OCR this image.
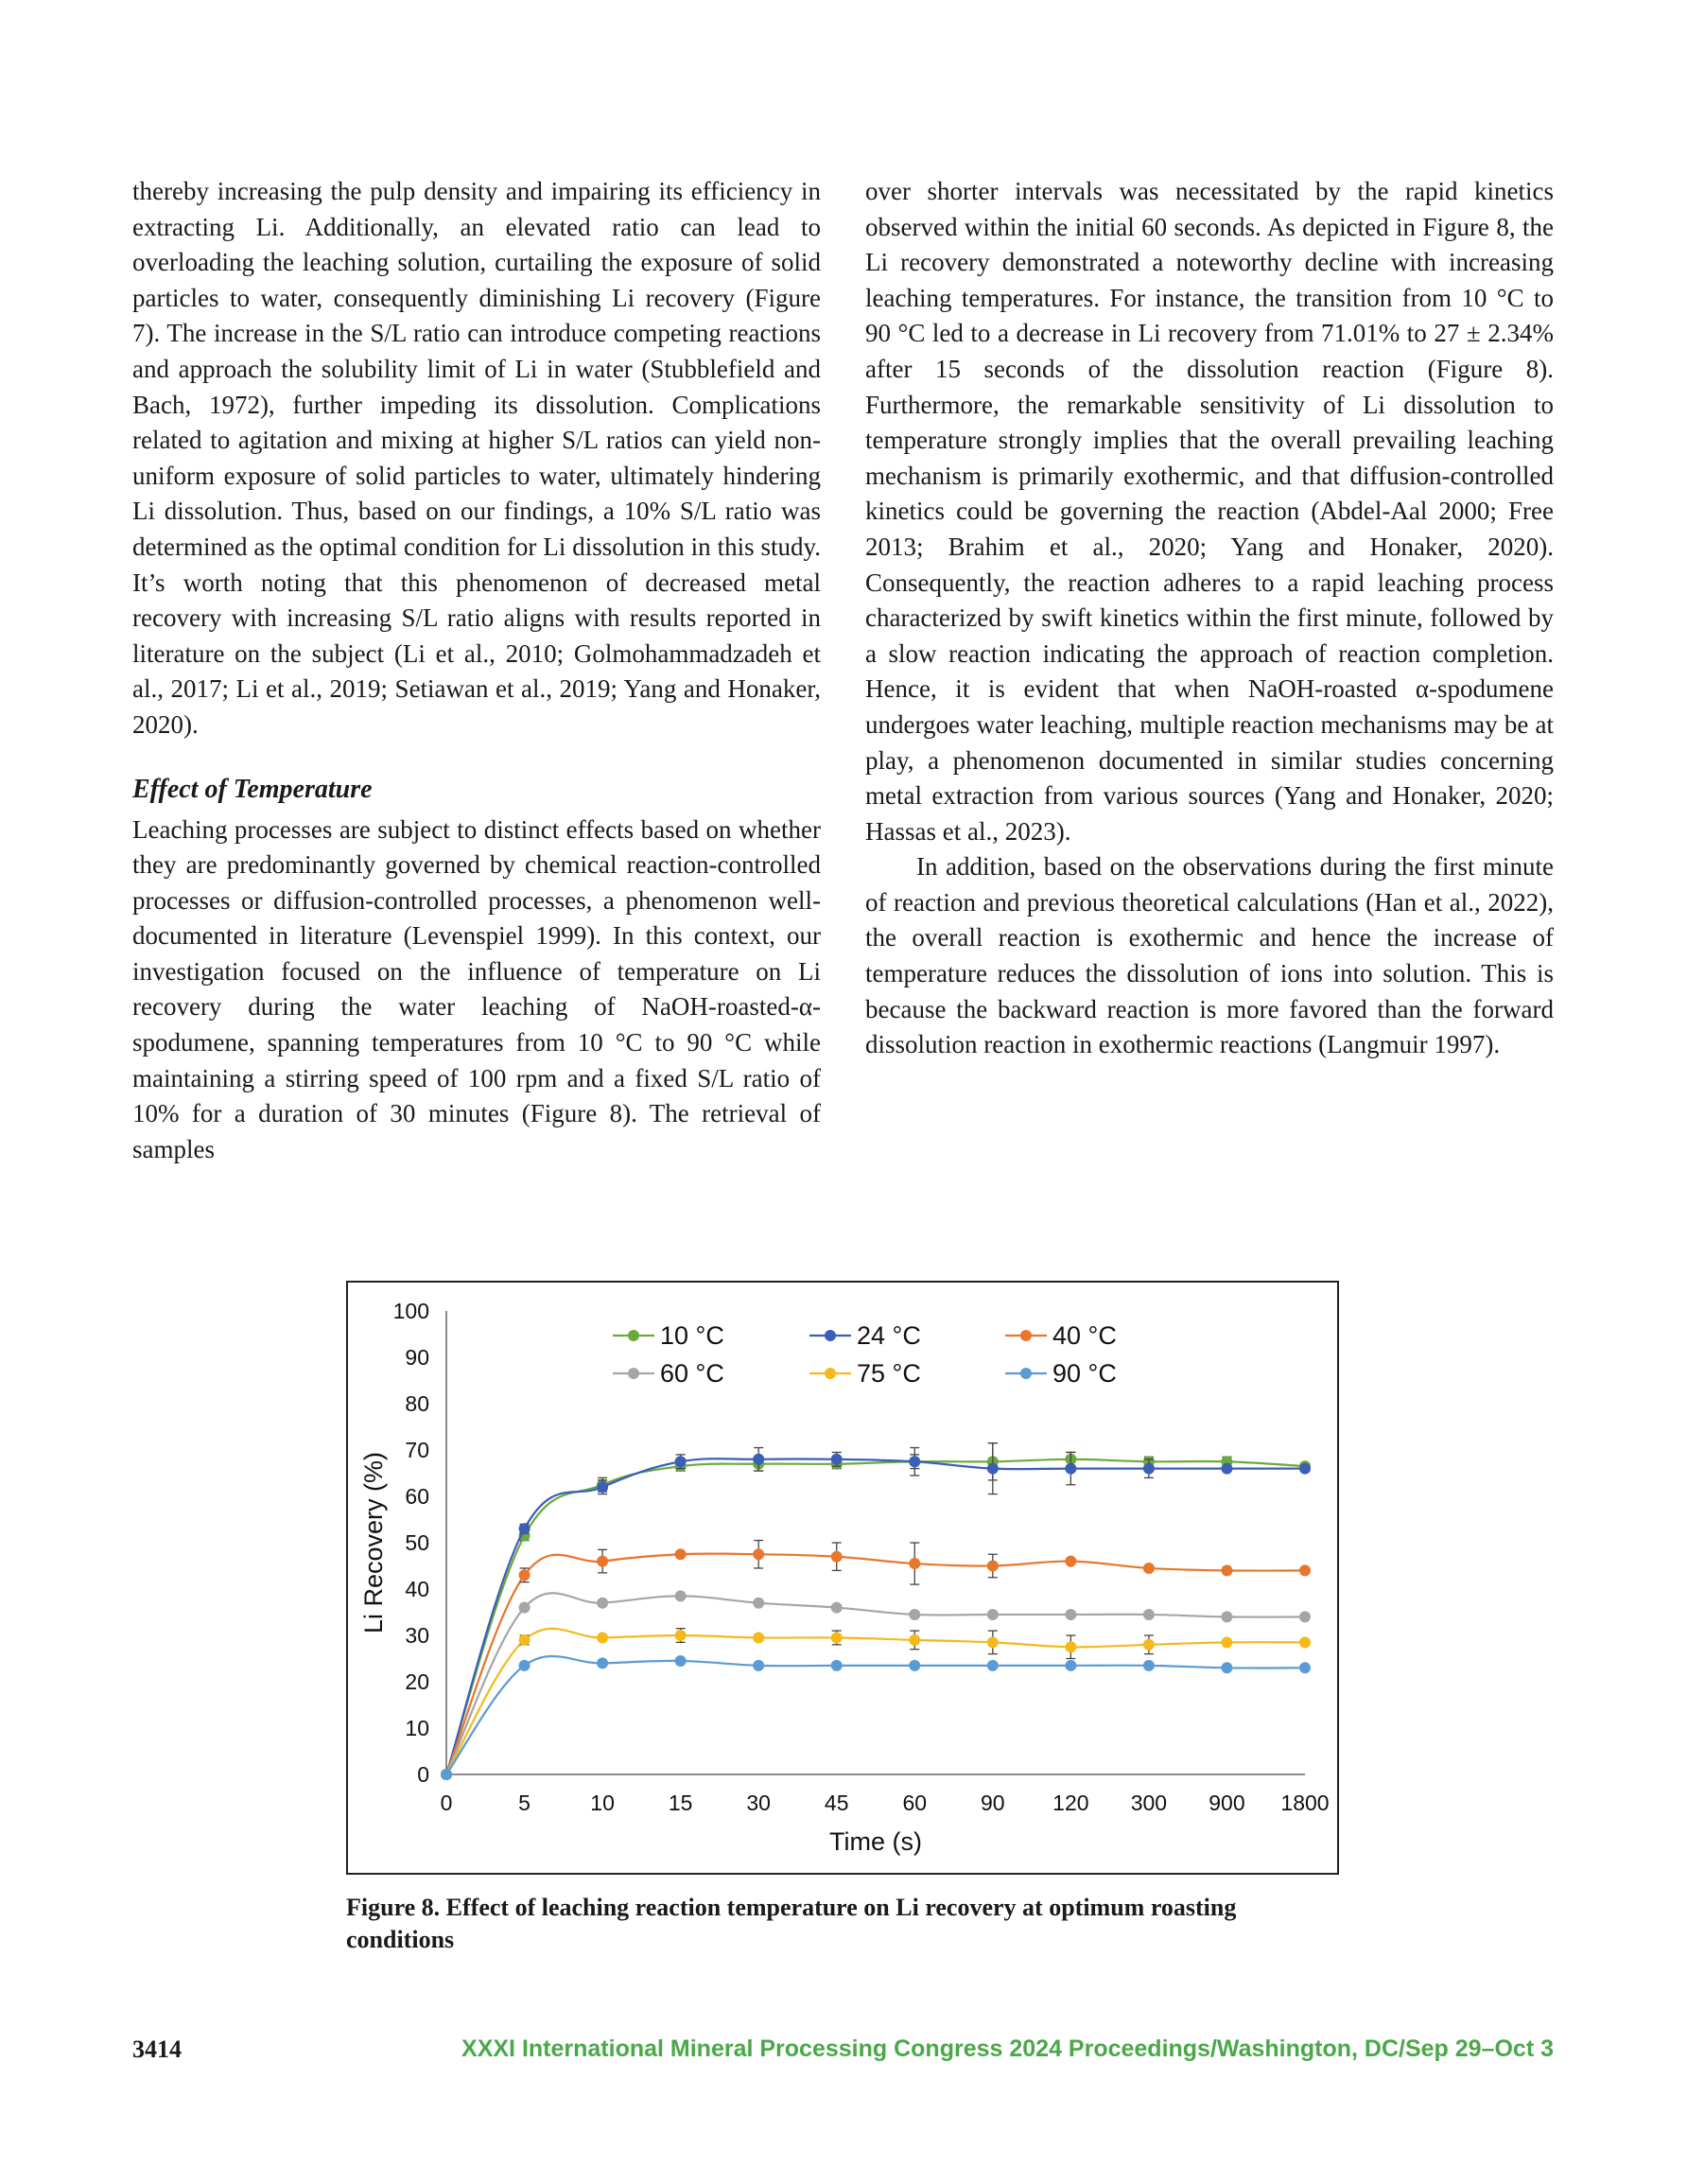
thereby increasing the pulp density and impairing its efficiency in extracting Li. Additionally, an elevated ratio can lead to overloading the leaching solution, curtailing the exposure of solid particles to water, consequently diminishing Li recovery (Figure 7). The increase in the S/L ratio can introduce competing reactions and approach the solubility limit of Li in water (Stubblefield and Bach, 1972), further impeding its dissolution. Complications related to agitation and mixing at higher S/L ratios can yield non-uniform exposure of solid particles to water, ultimately hindering Li dissolution. Thus, based on our findings, a 10% S/L ratio was determined as the optimal condition for Li dissolution in this study. It’s worth noting that this phenomenon of decreased metal recovery with increasing S/L ratio aligns with results reported in literature on the subject (Li et al., 2010; Golmohammadzadeh et al., 2017; Li et al., 2019; Setiawan et al., 2019; Yang and Honaker, 2020).

Effect of Temperature

Leaching processes are subject to distinct effects based on whether they are predominantly governed by chemical reaction-controlled processes or diffusion-controlled processes, a phenomenon well-documented in literature (Levenspiel 1999). In this context, our investigation focused on the influence of temperature on Li recovery during the water leaching of NaOH-roasted-α-spodumene, spanning temperatures from 10 °C to 90 °C while maintaining a stirring speed of 100 rpm and a fixed S/L ratio of 10% for a duration of 30 minutes (Figure 8). The retrieval of samples

over shorter intervals was necessitated by the rapid kinetics observed within the initial 60 seconds. As depicted in Figure 8, the Li recovery demonstrated a noteworthy decline with increasing leaching temperatures. For instance, the transition from 10 °C to 90 °C led to a decrease in Li recovery from 71.01% to 27 ± 2.34% after 15 seconds of the dissolution reaction (Figure 8). Furthermore, the remarkable sensitivity of Li dissolution to temperature strongly implies that the overall prevailing leaching mechanism is primarily exothermic, and that diffusion-controlled kinetics could be governing the reaction (Abdel-Aal 2000; Free 2013; Brahim et al., 2020; Yang and Honaker, 2020). Consequently, the reaction adheres to a rapid leaching process characterized by swift kinetics within the first minute, followed by a slow reaction indicating the approach of reaction completion. Hence, it is evident that when NaOH-roasted α-spodumene undergoes water leaching, multiple reaction mechanisms may be at play, a phenomenon documented in similar studies concerning metal extraction from various sources (Yang and Honaker, 2020; Hassas et al., 2023).

In addition, based on the observations during the first minute of reaction and previous theoretical calculations (Han et al., 2022), the overall reaction is exothermic and hence the increase of temperature reduces the dissolution of ions into solution. This is because the backward reaction is more favored than the forward dissolution reaction in exothermic reactions (Langmuir 1997).

0
10
20
30
40
50
60
70
80
90
100
0	5	10 15 30 45 60 90 120 300 900 1800
Time (s)
Li Recovery (%)
10 °C	24 °C	40 °C
60 °C	75 °C	90 °C
Figure 8. Effect of leaching reaction temperature on Li recovery at optimum roasting conditions
3414	XXXI International Mineral Processing Congress 2024 Proceedings/Washington, DC/Sep 29–Oct 3
